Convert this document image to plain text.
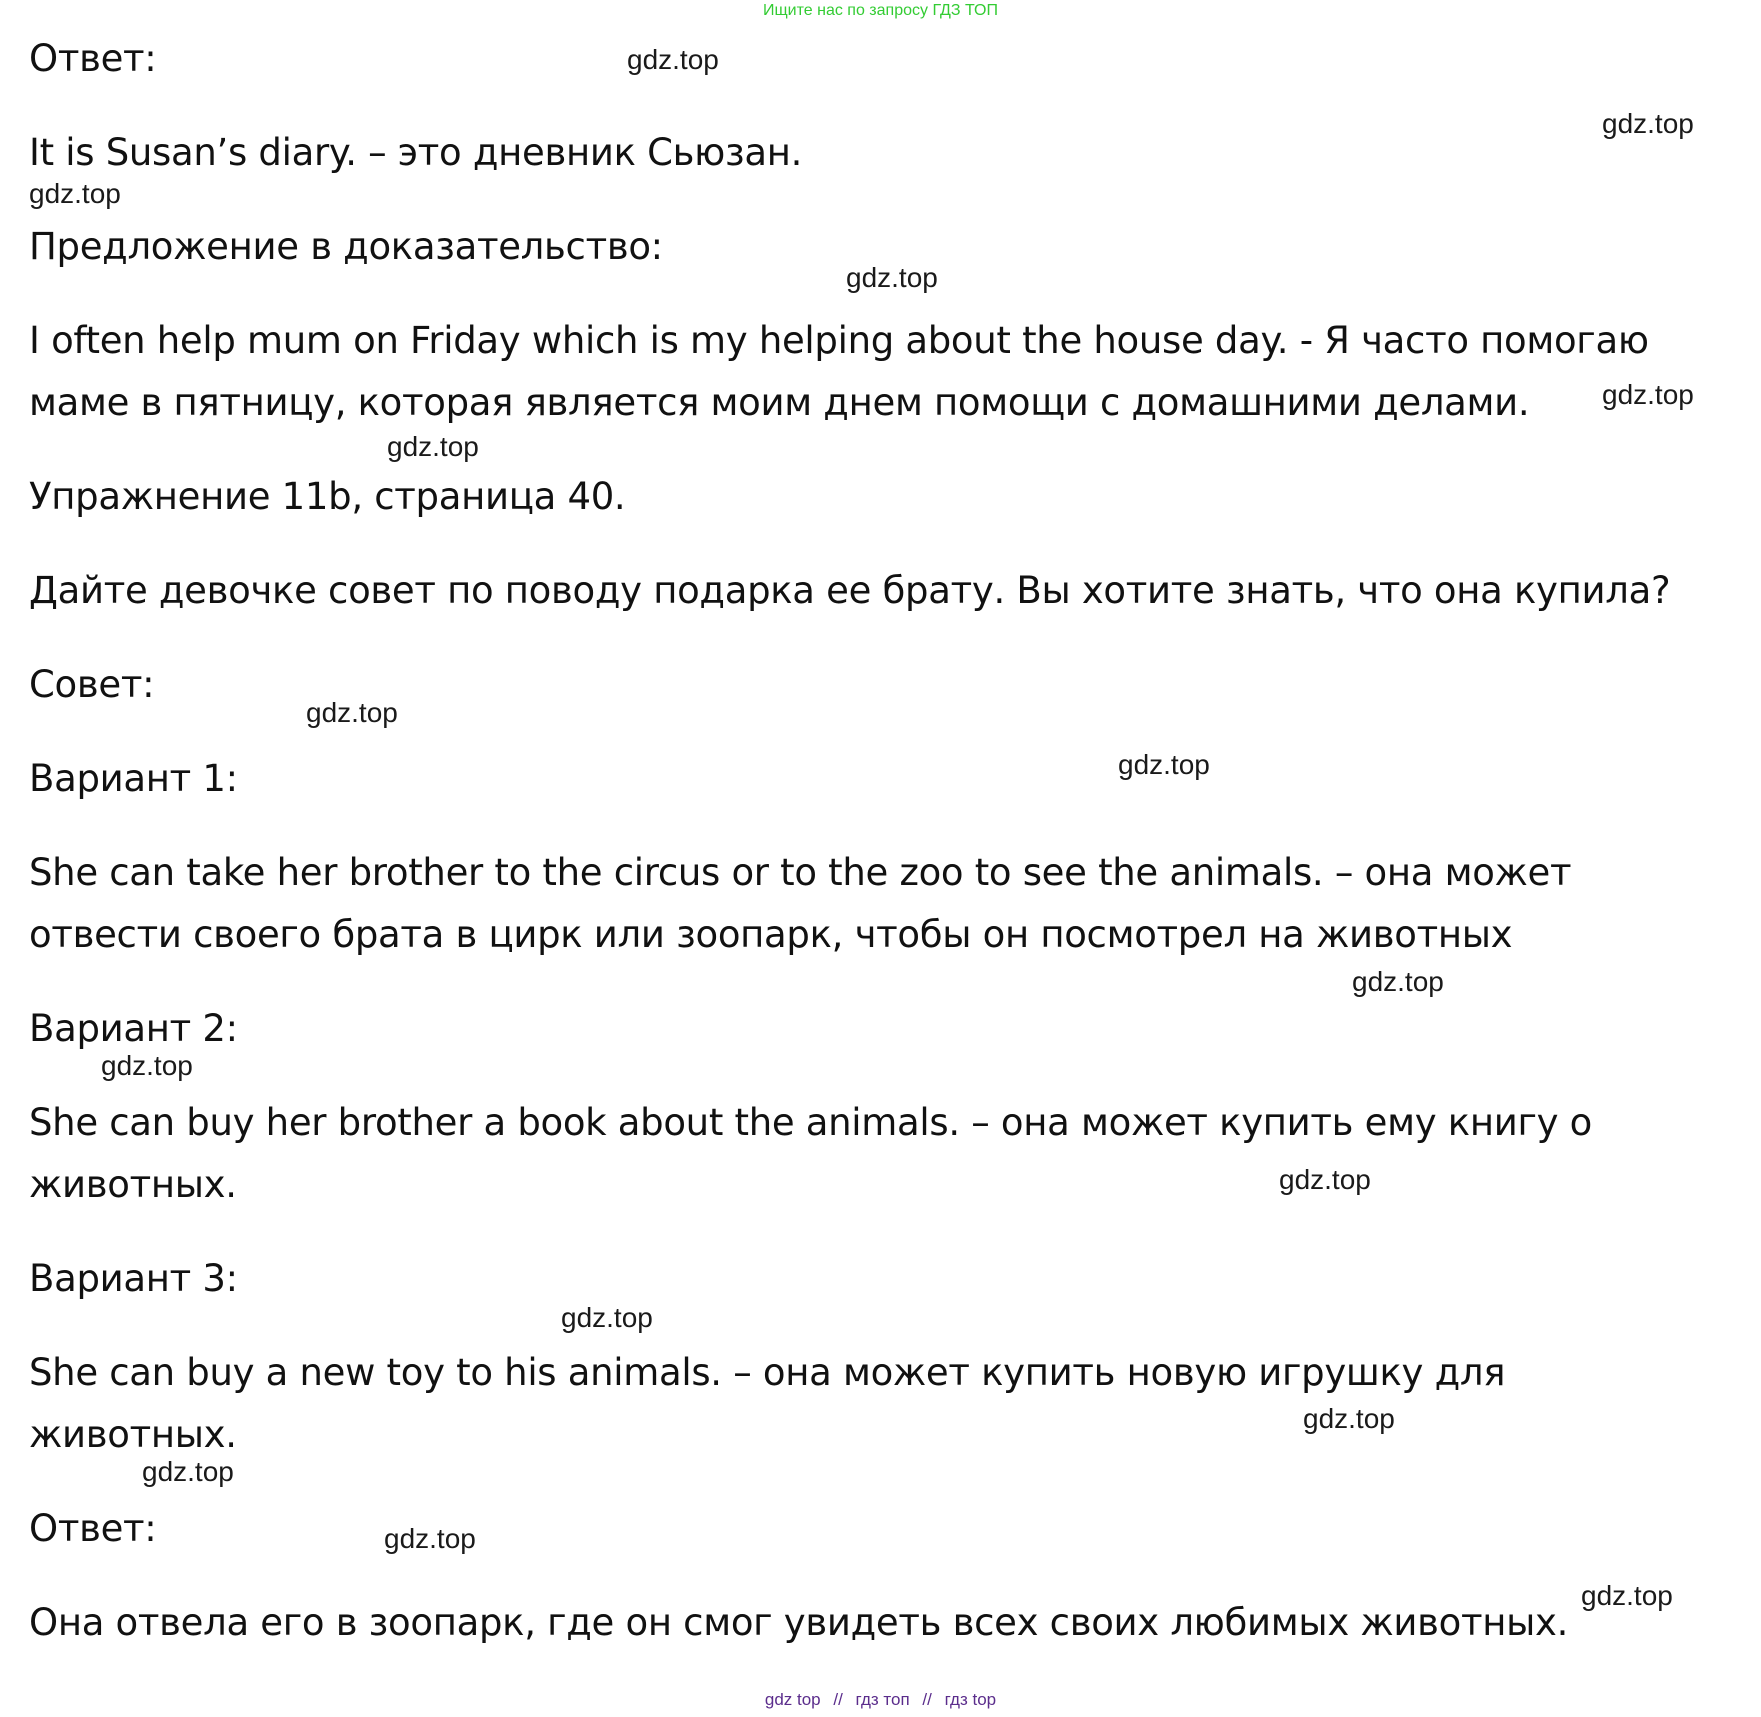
Ищите нас по запросу ГДЗ ТОП
Ответ:
It is Susan’s diary. – это дневник Сьюзан.
Предложение в доказательство:
I often help mum on Friday which is my helping about the house day. - Я часто помогаю
маме в пятницу, которая является моим днем помощи с домашними делами.
Упражнение 11b, страница 40.
Дайте девочке совет по поводу подарка ее брату. Вы хотите знать, что она купила?
Совет:
Вариант 1:
She can take her brother to the circus or to the zoo to see the animals. – она может
отвести своего брата в цирк или зоопарк, чтобы он посмотрел на животных
Вариант 2:
She can buy her brother a book about the animals. – она может купить ему книгу о
животных.
Вариант 3:
She can buy a new toy to his animals. – она может купить новую игрушку для
животных.
Ответ:
Она отвела его в зоопарк, где он смог увидеть всех своих любимых животных.
gdz.top
gdz.top
gdz.top
gdz.top
gdz.top
gdz.top
gdz.top
gdz.top
gdz.top
gdz.top
gdz.top
gdz.top
gdz.top
gdz.top
gdz.top
gdz.top
gdz top // гдз топ // гдз top
